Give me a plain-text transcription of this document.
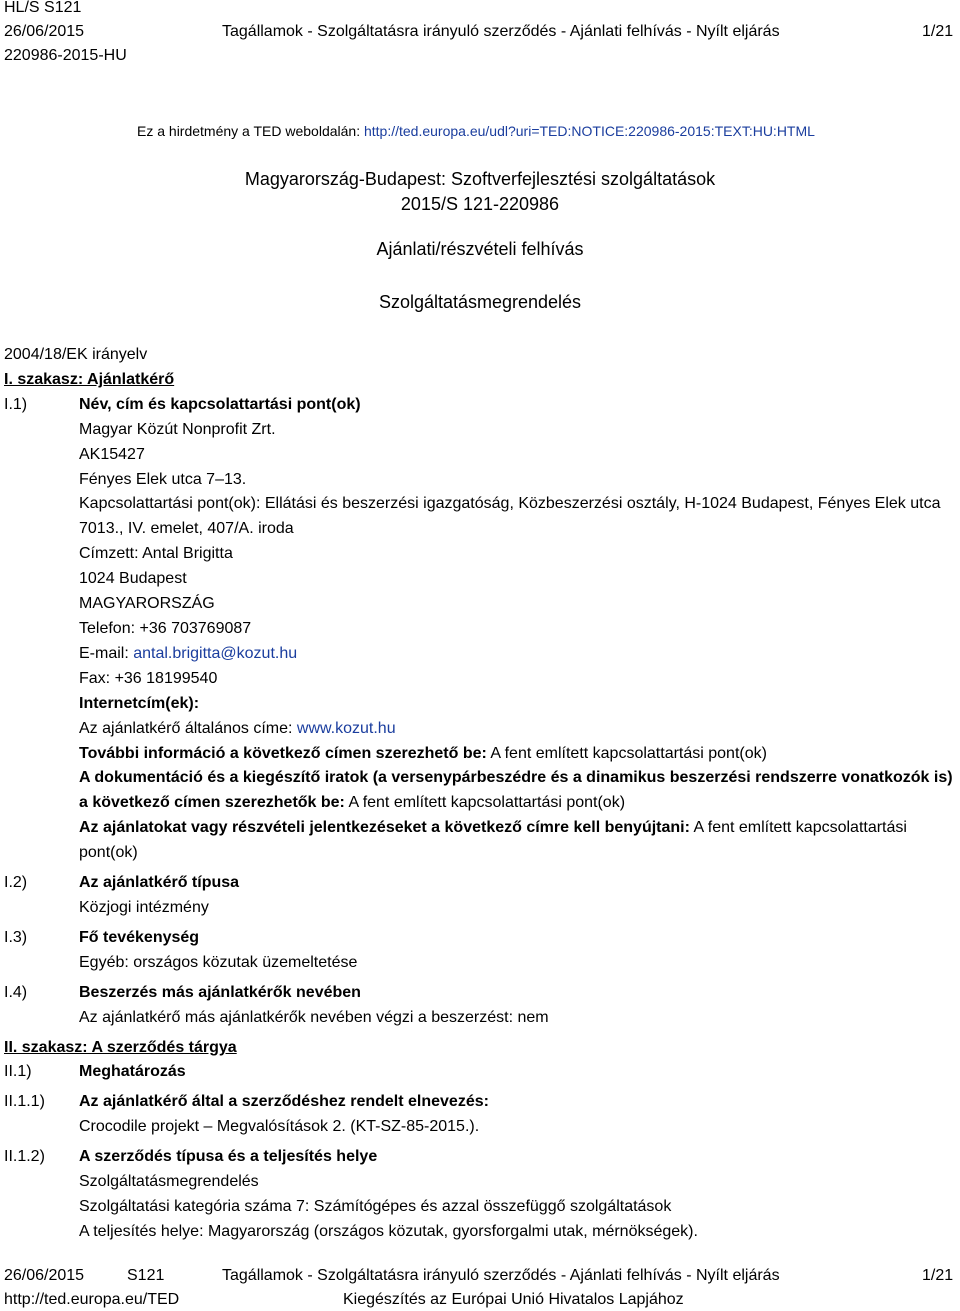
HL/S S121
26/06/2015
220986-2015-HU
Tagállamok - Szolgáltatásra irányuló szerződés - Ajánlati felhívás - Nyílt eljárás	1/21
Ez a hirdetmény a TED weboldalán: http://ted.europa.eu/udl?uri=TED:NOTICE:220986-2015:TEXT:HU:HTML
Magyarország-Budapest: Szoftverfejlesztési szolgáltatások
2015/S 121-220986
Ajánlati/részvételi felhívás
Szolgáltatásmegrendelés
2004/18/EK irányelv
I. szakasz: Ajánlatkérő
I.1)	Név, cím és kapcsolattartási pont(ok)
Magyar Közút Nonprofit Zrt.
AK15427
Fényes Elek utca 7–13.
Kapcsolattartási pont(ok): Ellátási és beszerzési igazgatóság, Közbeszerzési osztály, H-1024 Budapest, Fényes Elek utca 7013., IV. emelet, 407/A. iroda
Címzett: Antal Brigitta
1024 Budapest
MAGYARORSZÁG
Telefon: +36 703769087
E-mail: antal.brigitta@kozut.hu
Fax: +36 18199540
Internetcím(ek):
Az ajánlatkérő általános címe: www.kozut.hu
További információ a következő címen szerezhető be: A fent említett kapcsolattartási pont(ok)
A dokumentáció és a kiegészítő iratok (a versenypárbeszédre és a dinamikus beszerzési rendszerre vonatkozók is) a következő címen szerezhetők be: A fent említett kapcsolattartási pont(ok)
Az ajánlatokat vagy részvételi jelentkezéseket a következő címre kell benyújtani: A fent említett kapcsolattartási pont(ok)
I.2)	Az ajánlatkérő típusa
Közjogi intézmény
I.3)	Fő tevékenység
Egyéb: országos közutak üzemeltetése
I.4)	Beszerzés más ajánlatkérők nevében
Az ajánlatkérő más ajánlatkérők nevében végzi a beszerzést: nem
II. szakasz: A szerződés tárgya
II.1)	Meghatározás
II.1.1) Az ajánlatkérő által a szerződéshez rendelt elnevezés:
Crocodile projekt – Megvalósítások 2. (KT-SZ-85-2015.).
II.1.2) A szerződés típusa és a teljesítés helye
Szolgáltatásmegrendelés
Szolgáltatási kategória száma 7: Számítógépes és azzal összefüggő szolgáltatások
A teljesítés helye: Magyarország (országos közutak, gyorsforgalmi utak, mérnökségek).
26/06/2015	S121	Tagállamok - Szolgáltatásra irányuló szerződés - Ajánlati felhívás - Nyílt eljárás	1/21
http://ted.europa.eu/TED	Kiegészítés az Európai Unió Hivatalos Lapjához
